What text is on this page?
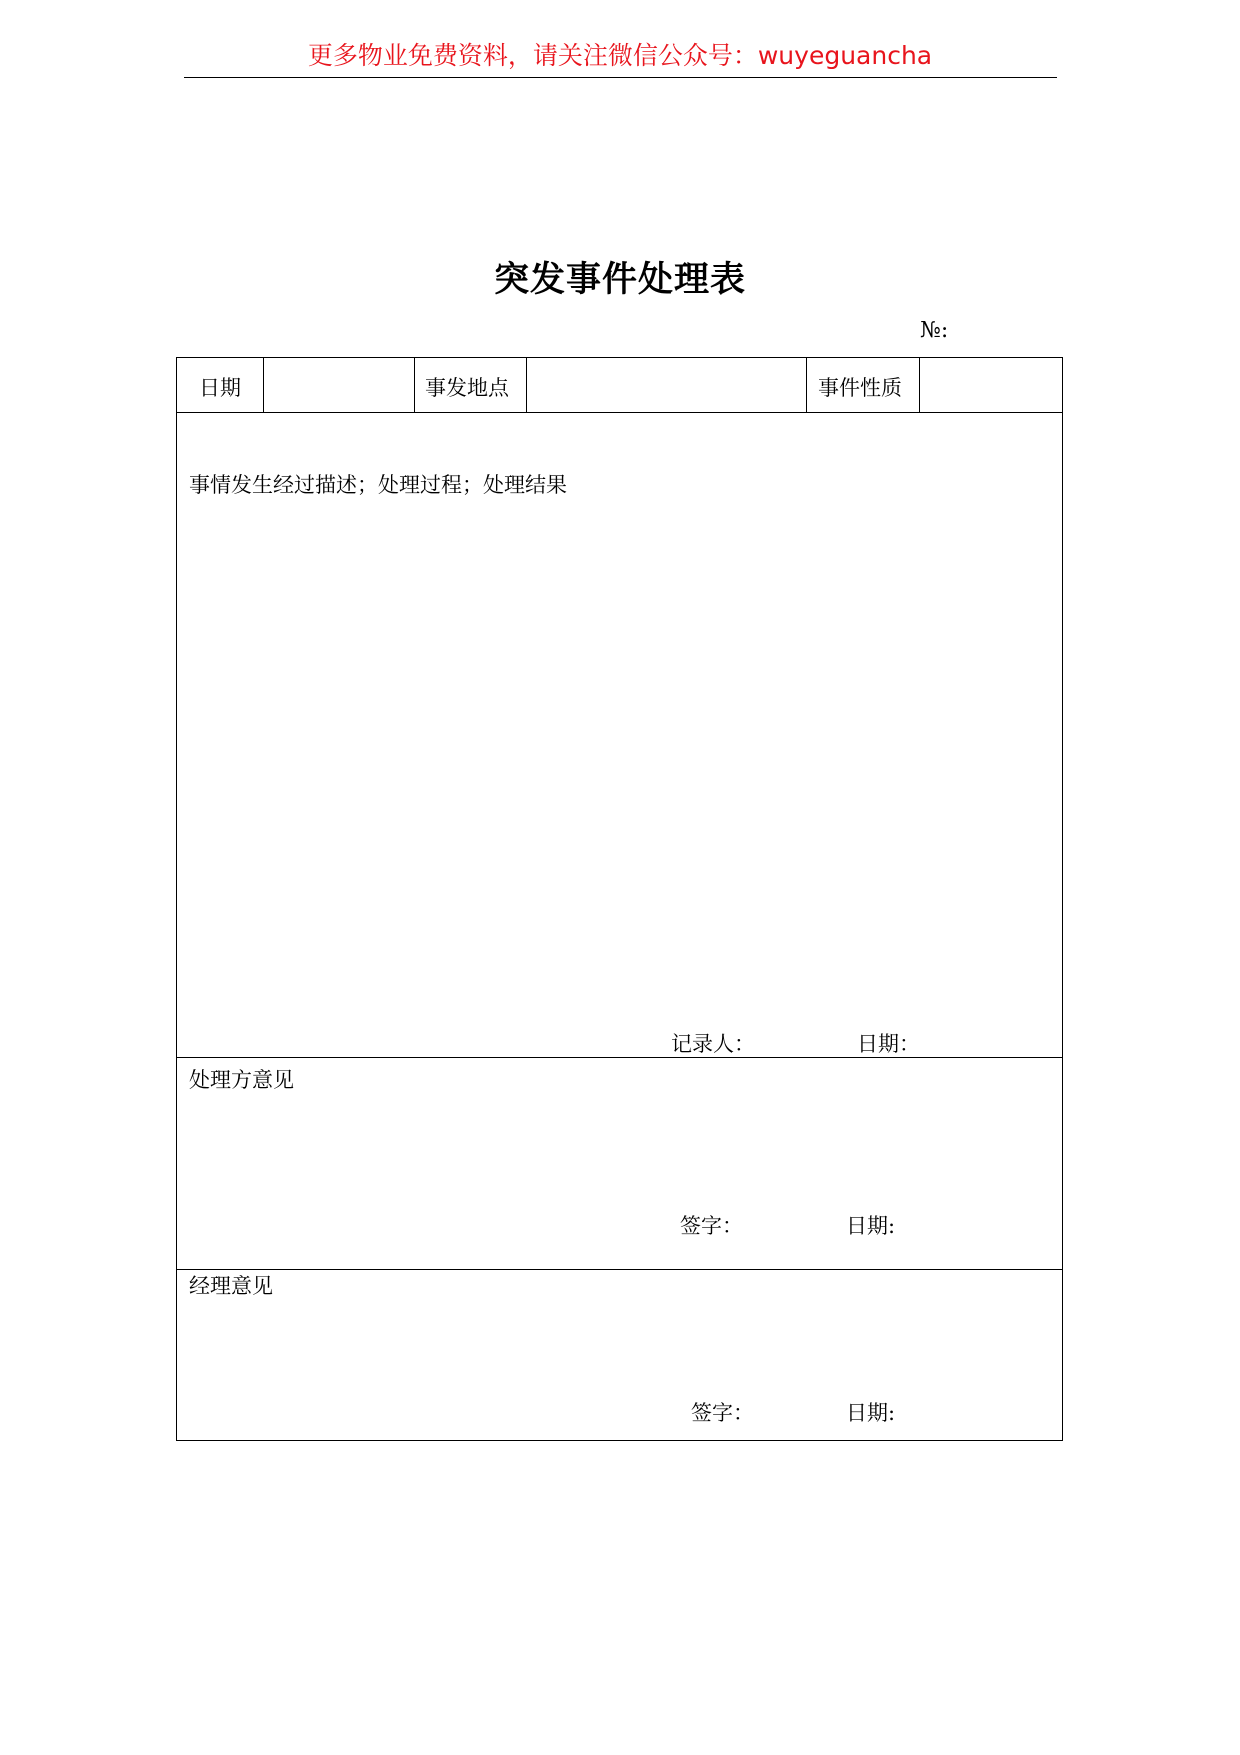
更多物业免费资料，请关注微信公众号：wuyeguancha
突发事件处理表
№:
日期	事发地点	事件性质
事情发生经过描述；处理过程；处理结果
记录人：	日期：
处理方意见
签字：	日期:
经理意见
签字：	日期:
